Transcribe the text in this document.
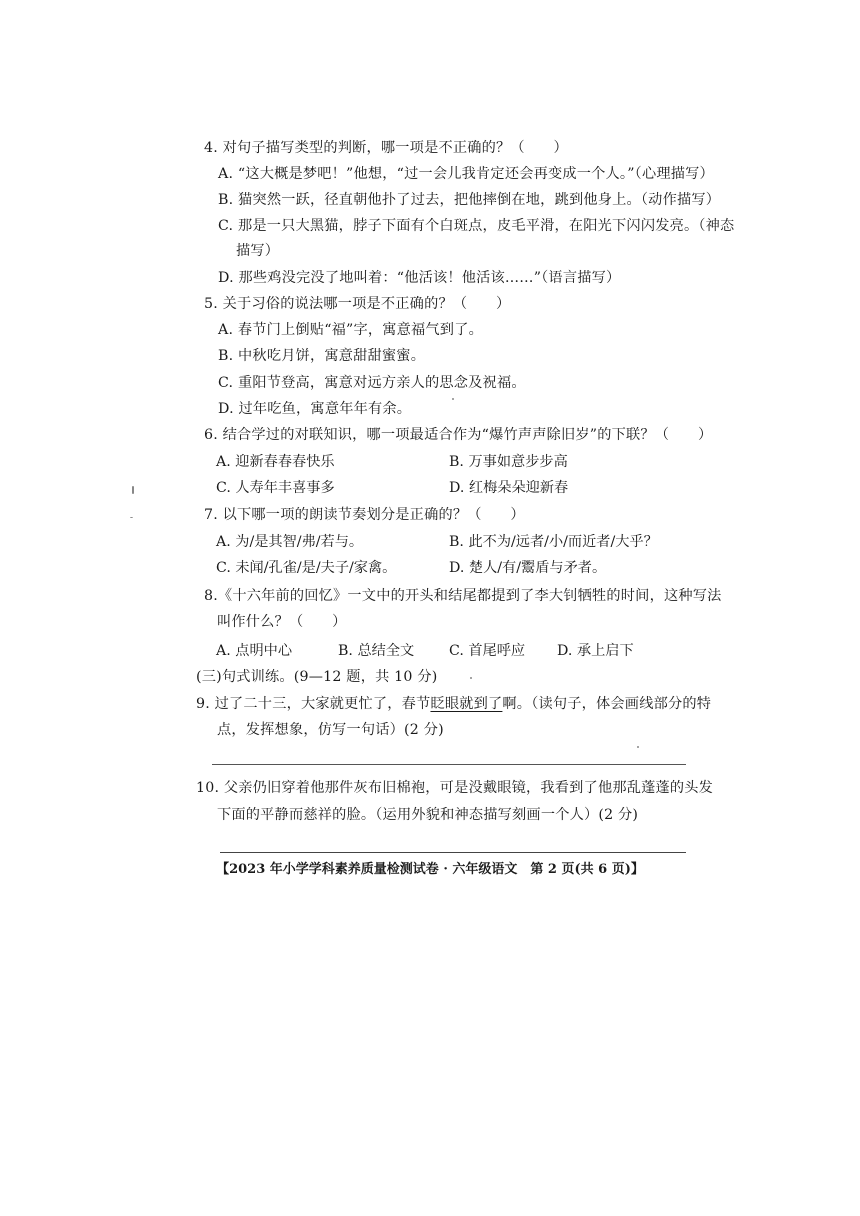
4. 对句子描写类型的判断，哪一项是不正确的？（　　）
A. “这大概是梦吧！”他想，“过一会儿我肯定还会再变成一个人。”（心理描写）
B. 猫突然一跃，径直朝他扑了过去，把他摔倒在地，跳到他身上。（动作描写）
C. 那是一只大黑猫，脖子下面有个白斑点，皮毛平滑，在阳光下闪闪发亮。（神态
描写）
D. 那些鸡没完没了地叫着：“他活该！他活该……”（语言描写）
5. 关于习俗的说法哪一项是不正确的？（　　）
A. 春节门上倒贴“福”字，寓意福气到了。
B. 中秋吃月饼，寓意甜甜蜜蜜。
C. 重阳节登高，寓意对远方亲人的思念及祝福。
D. 过年吃鱼，寓意年年有余。
6. 结合学过的对联知识，哪一项最适合作为“爆竹声声除旧岁”的下联？（　　）
A. 迎新春春春快乐	B. 万事如意步步高
C. 人寿年丰喜事多	D. 红梅朵朵迎新春
7. 以下哪一项的朗读节奏划分是正确的？（　　）
A. 为/是其智/弗/若与。	B. 此不为/远者/小/而近者/大乎？
C. 未闻/孔雀/是/夫子/家禽。	D. 楚人/有/鬻盾与矛者。
8.《十六年前的回忆》一文中的开头和结尾都提到了李大钊牺牲的时间，这种写法
叫作什么？（　　）
A. 点明中心	B. 总结全文 C. 首尾呼应 D. 承上启下
(三)句式训练。(9—12 题，共 10 分)
9. 过了二十三，大家就更忙了，春节眨眼就到了啊。（读句子，体会画线部分的特
点，发挥想象，仿写一句话）(2 分)
10. 父亲仍旧穿着他那件灰布旧棉袍，可是没戴眼镜，我看到了他那乱蓬蓬的头发
下面的平静而慈祥的脸。（运用外貌和神态描写刻画一个人）(2 分)
【2023 年小学学科素养质量检测试卷 · 六年级语文　第 2 页(共 6 页)】
